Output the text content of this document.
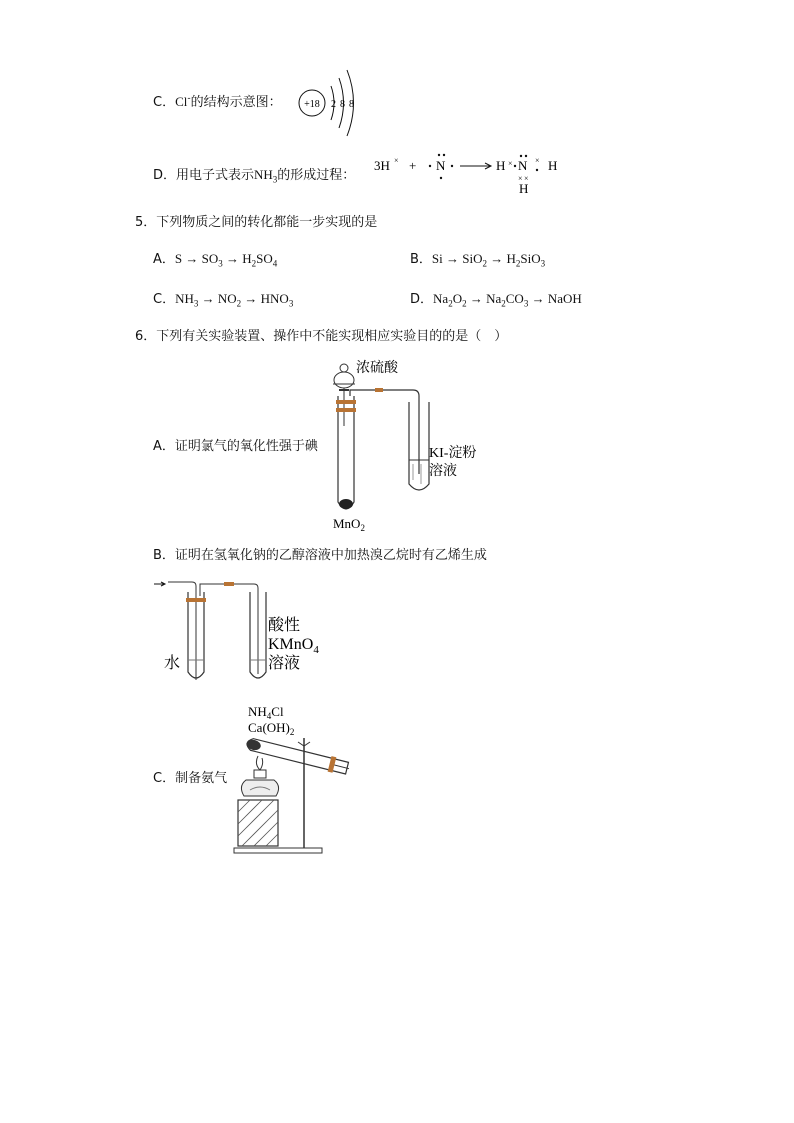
C．Cl-的结构示意图： +18 2 8 8
D．用电子式表示$NH_3$的形成过程：
3H × + N	H × N × H
× ×
H
5．下列物质之间的转化都能一步实现的是
A．$S \to SO_3 \to H_2SO_4$	B．$Si \to SiO_2 \to H_2SiO_3$
C．$NH_3 \to NO_2 \to HNO_3$	D．$Na_2O_2 \to Na_2CO_3$ → NaOH
6．下列有关实验装置、操作中不能实现相应实验目的的是（　）
A．证明氯气的氧化性强于碘
浓硫酸
KI-淀粉
溶液
MnO$_2$
B．证明在氢氧化钠的乙醇溶液中加热溴乙烷时有乙烯生成
水
酸性
KMnO$_4$
溶液
C．制备氨气
$NH_4Cl$
$Ca(OH)_2$
